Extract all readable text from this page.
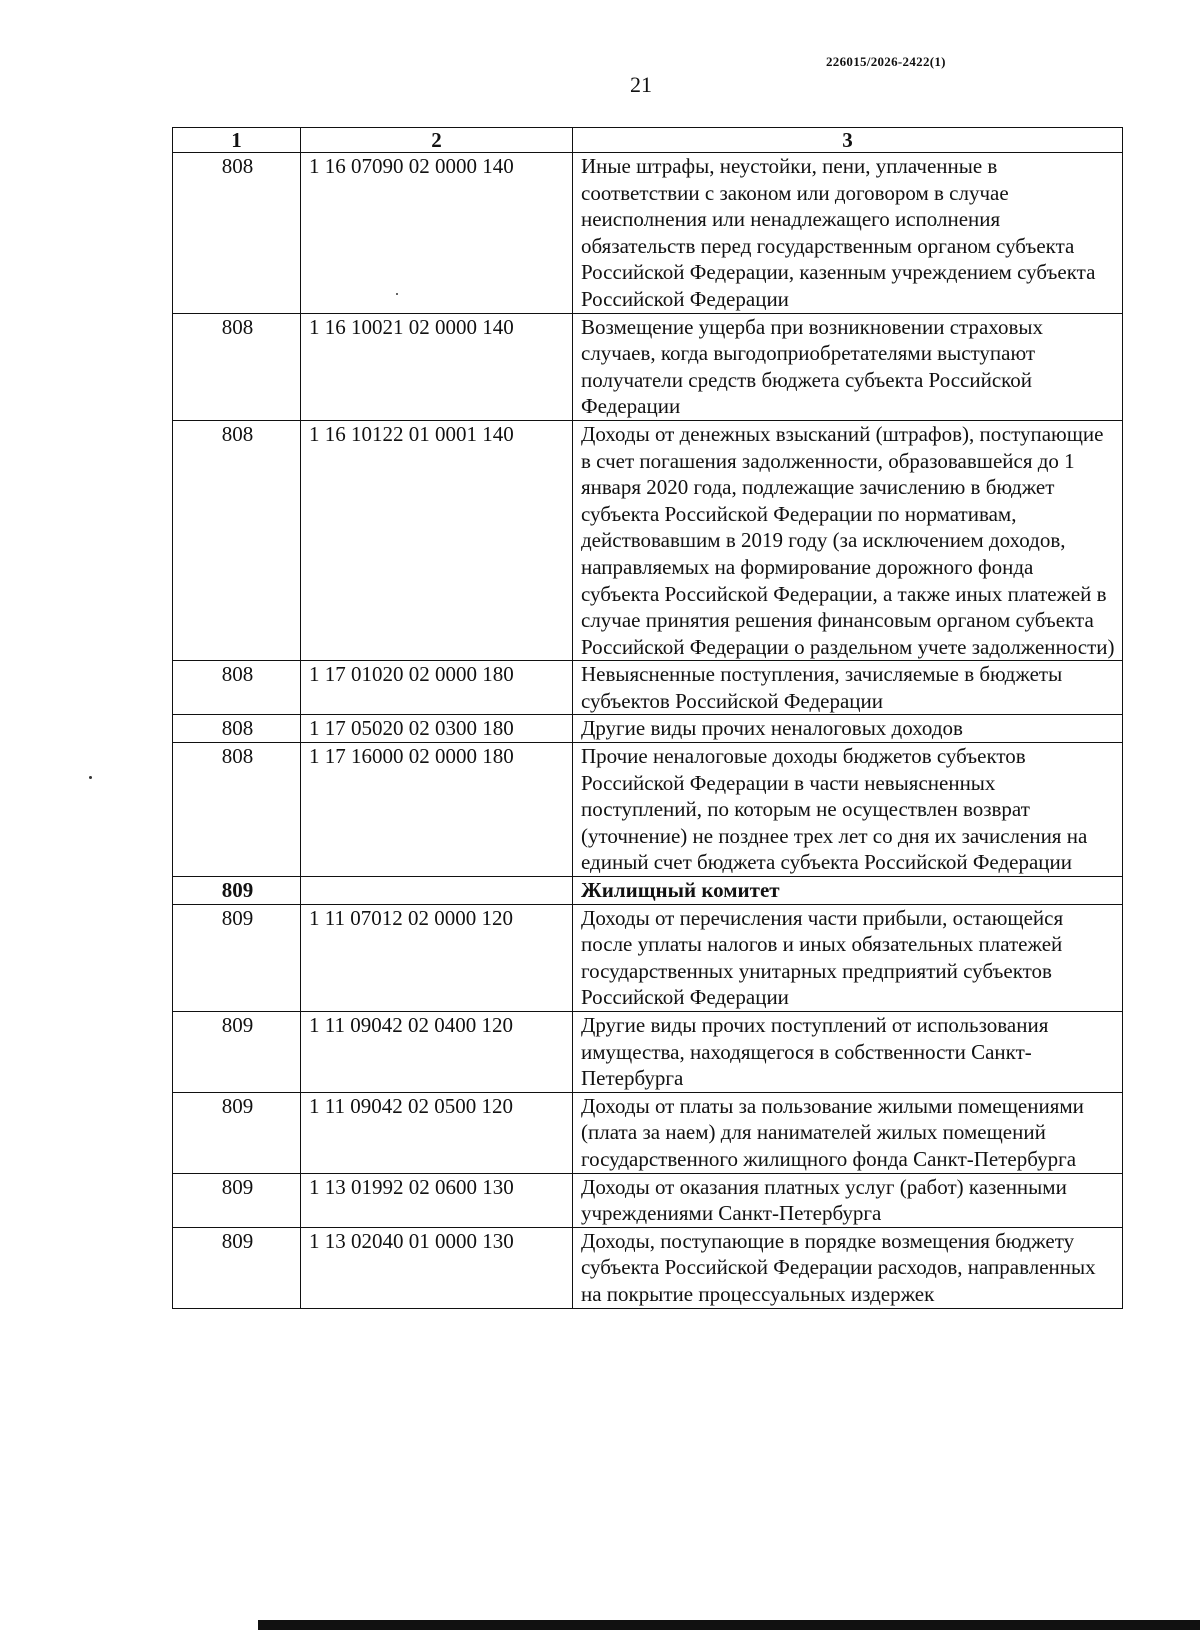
226015/2026-2422(1)
21
1	2	3
808	1 16 07090 02 0000 140	Иные штрафы, неустойки, пени, уплаченные в соответствии с законом или договором в случае неисполнения или ненадлежащего исполнения обязательств перед государственным органом субъекта Российской Федерации, казенным учреждением субъекта Российской Федерации
808	1 16 10021 02 0000 140	Возмещение ущерба при возникновении страховых случаев, когда выгодоприобретателями выступают получатели средств бюджета субъекта Российской Федерации
808	1 16 10122 01 0001 140	Доходы от денежных взысканий (штрафов), поступающие в счет погашения задолженности, образовавшейся до 1 января 2020 года, подлежащие зачислению в бюджет субъекта Российской Федерации по нормативам, действовавшим в 2019 году (за исключением доходов, направляемых на формирование дорожного фонда субъекта Российской Федерации, а также иных платежей в случае принятия решения финансовым органом субъекта Российской Федерации о раздельном учете задолженности)
808	1 17 01020 02 0000 180	Невыясненные поступления, зачисляемые в бюджеты субъектов Российской Федерации
808	1 17 05020 02 0300 180	Другие виды прочих неналоговых доходов
808	1 17 16000 02 0000 180	Прочие неналоговые доходы бюджетов субъектов Российской Федерации в части невыясненных поступлений, по которым не осуществлен возврат (уточнение) не позднее трех лет со дня их зачисления на единый счет бюджета субъекта Российской Федерации
809		Жилищный комитет
809	1 11 07012 02 0000 120	Доходы от перечисления части прибыли, остающейся после уплаты налогов и иных обязательных платежей государственных унитарных предприятий субъектов Российской Федерации
809	1 11 09042 02 0400 120	Другие виды прочих поступлений от использования имущества, находящегося в собственности Санкт-Петербурга
809	1 11 09042 02 0500 120	Доходы от платы за пользование жилыми помещениями (плата за наем) для нанимателей жилых помещений государственного жилищного фонда Санкт-Петербурга
809	1 13 01992 02 0600 130	Доходы от оказания платных услуг (работ) казенными учреждениями Санкт-Петербурга
809	1 13 02040 01 0000 130	Доходы, поступающие в порядке возмещения бюджету субъекта Российской Федерации расходов, направленных на покрытие процессуальных издержек
